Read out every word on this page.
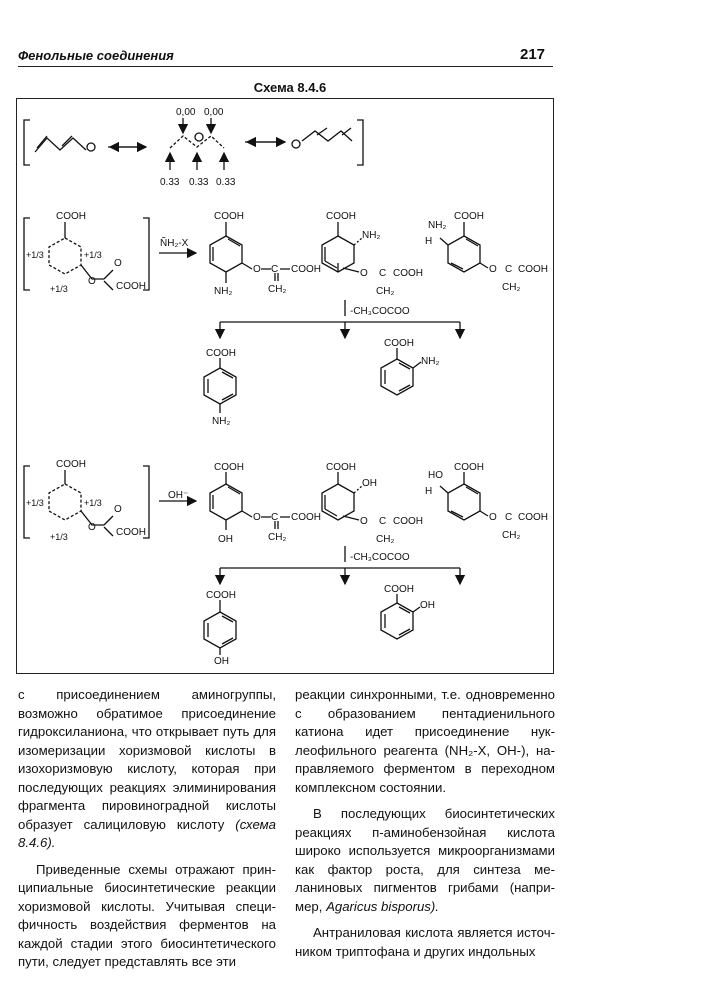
Фенольные соединения	217
Схема 8.4.6
0,00 0,00
0.33 0.33 0.33
COOH
+1/3	+1/3
+1/3
O
O
COOH
ÑH₂-X
COOH
O C COOH
CH₂
NH₂
COOH
NH₂
O C COOH
CH₂
COOH
NH₂
H
O C COOH
CH₂
-CH₃COCOO
COOH
NH₂
COOH
NH₂
COOH
+1/3	+1/3
+1/3
O
O
COOH
OH⁻
COOH
O C COOH
CH₂
OH
COOH
OH
O C COOH
CH₂
COOH
HO
H
O C COOH
CH₂
-CH₃COCOO
COOH
OH
COOH
OH

с присоединением аминогруппы, возможно обратимое присоединение гидроксиланиона, что открывает путь для изомеризации хоризмовой кислоты в изохоризмовую кислоту, которая при последующих реакциях элиминирования фрагмента пировиноградной кислоты образует салициловую кислоту (схема 8.4.6).

Приведенные схемы отражают принципиальные биосинтетические реакции хоризмовой кислоты. Учитывая специфичность воздействия ферментов на каждой стадии этого биосинтетического пути, следует представлять все эти

реакции синхронными, т.е. одновременно с образованием пентадиенильного катиона идет присоединение нуклеофильного реагента (NH₂-X, OH-), направляемого ферментом в переходном комплексном состоянии.

В последующих биосинтетических реакциях п-аминобензойная кислота широко используется микроорганизмами как фактор роста, для синтеза меланиновых пигментов грибами (например, Agaricus bisporus).

Антраниловая кислота является источником триптофана и других индольных
